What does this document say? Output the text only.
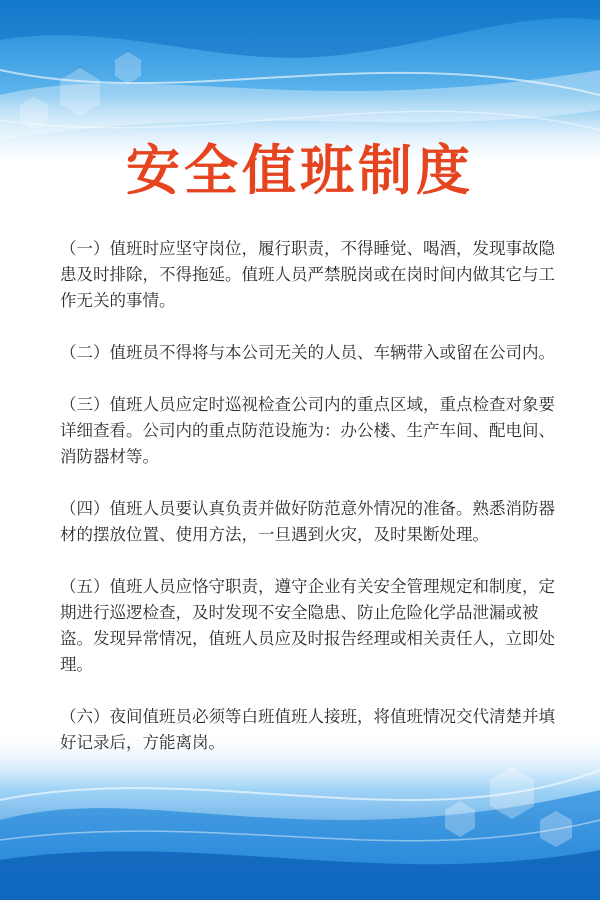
安全值班制度
（一）值班时应坚守岗位，履行职责，不得睡觉、喝酒，发现事故隐患及时排除，不得拖延。值班人员严禁脱岗或在岗时间内做其它与工作无关的事情。
（二）值班员不得将与本公司无关的人员、车辆带入或留在公司内。
（三）值班人员应定时巡视检查公司内的重点区域，重点检查对象要详细查看。公司内的重点防范设施为：办公楼、生产车间、配电间、消防器材等。
（四）值班人员要认真负责并做好防范意外情况的准备。熟悉消防器材的摆放位置、使用方法，一旦遇到火灾，及时果断处理。
（五）值班人员应恪守职责，遵守企业有关安全管理规定和制度，定期进行巡逻检查，及时发现不安全隐患、防止危险化学品泄漏或被盗。发现异常情况，值班人员应及时报告经理或相关责任人，立即处理。
（六）夜间值班员必须等白班值班人接班，将值班情况交代清楚并填好记录后，方能离岗。
